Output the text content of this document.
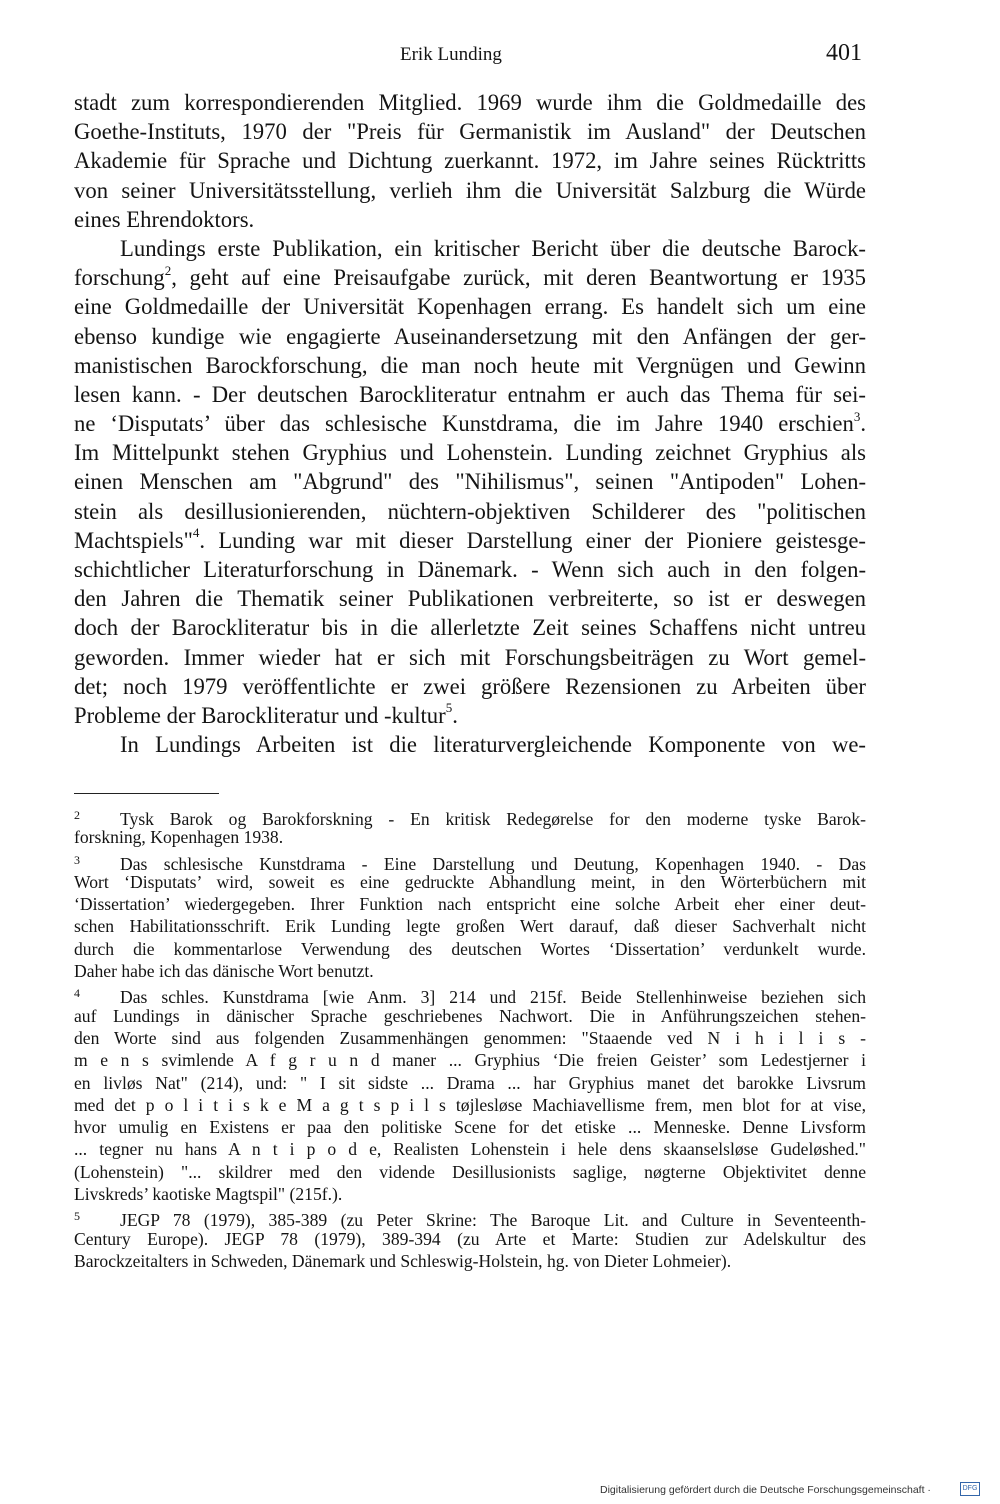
Erik Lunding	401
stadt zum korrespondierenden Mitglied. 1969 wurde ihm die Goldmedaille des
Goethe-Instituts, 1970 der "Preis für Germanistik im Ausland" der Deutschen
Akademie für Sprache und Dichtung zuerkannt. 1972, im Jahre seines Rücktritts
von seiner Universitätsstellung, verlieh ihm die Universität Salzburg die Würde
eines Ehrendoktors.
Lundings erste Publikation, ein kritischer Bericht über die deutsche Barock-
forschung$^2$, geht auf eine Preisaufgabe zurück, mit deren Beantwortung er 1935
eine Goldmedaille der Universität Kopenhagen errang. Es handelt sich um eine
ebenso kundige wie engagierte Auseinandersetzung mit den Anfängen der ger-
manistischen Barockforschung, die man noch heute mit Vergnügen und Gewinn
lesen kann. - Der deutschen Barockliteratur entnahm er auch das Thema für sei-
ne ‘Disputats’ über das schlesische Kunstdrama, die im Jahre 1940 erschien$^3$.
Im Mittelpunkt stehen Gryphius und Lohenstein. Lunding zeichnet Gryphius als
einen Menschen am "Abgrund" des "Nihilismus", seinen "Antipoden" Lohen-
stein als desillusionierenden, nüchtern-objektiven Schilderer des "politischen
Machtspiels"$^4$. Lunding war mit dieser Darstellung einer der Pioniere geistesge-
schichtlicher Literaturforschung in Dänemark. - Wenn sich auch in den folgen-
den Jahren die Thematik seiner Publikationen verbreiterte, so ist er deswegen
doch der Barockliteratur bis in die allerletzte Zeit seines Schaffens nicht untreu
geworden. Immer wieder hat er sich mit Forschungsbeiträgen zu Wort gemel-
det; noch 1979 veröffentlichte er zwei größere Rezensionen zu Arbeiten über
Probleme der Barockliteratur und -kultur$^5$.
In Lundings Arbeiten ist die literaturvergleichende Komponente von we-
2 Tysk Barok og Barokforskning - En kritisk Redegørelse for den moderne tyske Barok-
forskning, Kopenhagen 1938.
3 Das schlesische Kunstdrama - Eine Darstellung und Deutung, Kopenhagen 1940. - Das
Wort ‘Disputats’ wird, soweit es eine gedruckte Abhandlung meint, in den Wörterbüchern mit
‘Dissertation’ wiedergegeben. Ihrer Funktion nach entspricht eine solche Arbeit eher einer deut-
schen Habilitationsschrift. Erik Lunding legte großen Wert darauf, daß dieser Sachverhalt nicht
durch die kommentarlose Verwendung des deutschen Wortes ‘Dissertation’ verdunkelt wurde.
Daher habe ich das dänische Wort benutzt.
4 Das schles. Kunstdrama [wie Anm. 3] 214 und 215f. Beide Stellenhinweise beziehen sich
auf Lundings in dänischer Sprache geschriebenes Nachwort. Die in Anführungszeichen stehen-
den Worte sind aus folgenden Zusammenhängen genommen: "Staaende ved N i h i l i s -
m e n s svimlende A f g r u n d maner ... Gryphius ‘Die freien Geister’ som Ledestjerner i
en livløs Nat" (214), und: " I sit sidste ... Drama ... har Gryphius manet det barokke Livsrum
med det p o l i t i s k e M a g t s p i l s tøjlesløse Machiavellisme frem, men blot for at vise,
hvor umulig en Existens er paa den politiske Scene for det etiske ... Menneske. Denne Livsform
... tegner nu hans A n t i p o d e, Realisten Lohenstein i hele dens skaanselsløse Gudeløshed."
(Lohenstein) "... skildrer med den vidende Desillusionists saglige, nøgterne Objektivitet denne
Livskreds’ kaotiske Magtspil" (215f.).
5 JEGP 78 (1979), 385-389 (zu Peter Skrine: The Baroque Lit. and Culture in Seventeenth-
Century Europe). JEGP 78 (1979), 389-394 (zu Arte et Marte: Studien zur Adelskultur des
Barockzeitalters in Schweden, Dänemark und Schleswig-Holstein, hg. von Dieter Lohmeier).
Digitalisierung gefördert durch die Deutsche Forschungsgemeinschaft ·	DFG
